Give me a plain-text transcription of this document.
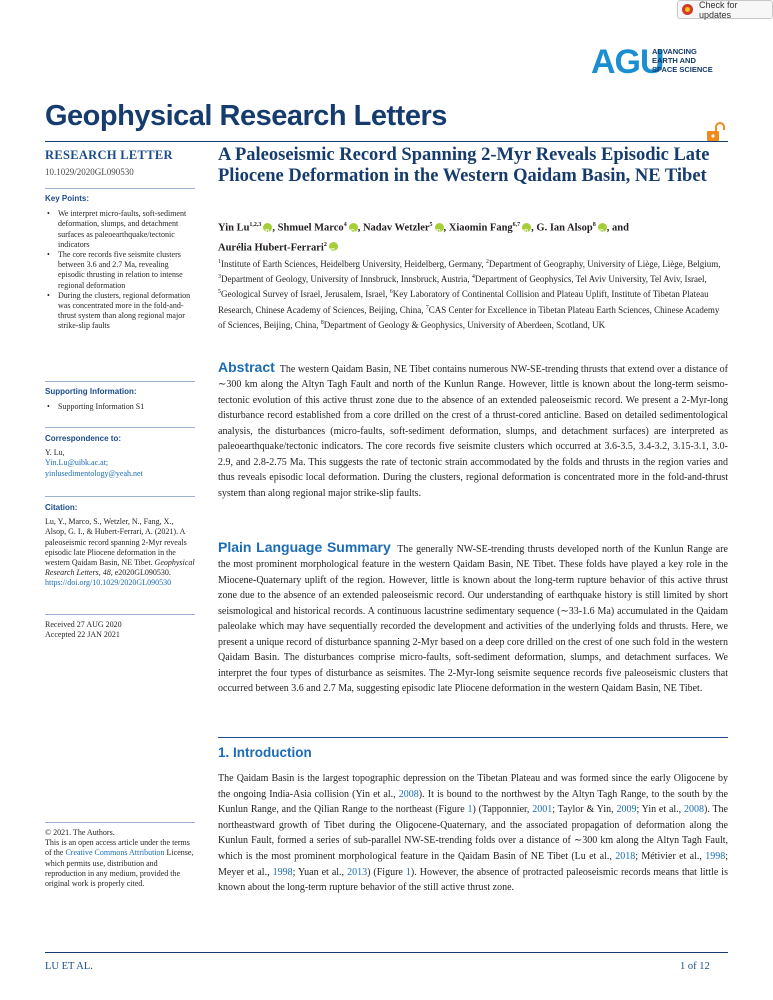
Check for updates
AGU
ADVANCING
EARTH AND
SPACE SCIENCE
Geophysical Research Letters
RESEARCH LETTER
10.1029/2020GL090530
Key Points:
• We interpret micro-faults, soft-sediment deformation, slumps, and detachment surfaces as paleoearthquake/tectonic indicators
• The core records five seismite clusters between 3.6 and 2.7 Ma, revealing episodic thrusting in relation to intense regional deformation
• During the clusters, regional deformation was concentrated more in the fold-and-thrust system than along regional major strike-slip faults
Supporting Information:
• Supporting Information S1
Correspondence to:
Y. Lu,
Yin.Lu@uibk.ac.at;
yinlusedimentology@yeah.net
Citation:
Lu, Y., Marco, S., Wetzler, N., Fang, X., Alsop, G. I., & Hubert-Ferrari, A. (2021). A paleoseismic record spanning 2-Myr reveals episodic late Pliocene deformation in the western Qaidam Basin, NE Tibet. Geophysical Research Letters, 48, e2020GL090530. https://doi.org/10.1029/2020GL090530
Received 27 AUG 2020
Accepted 22 JAN 2021
© 2021. The Authors.
This is an open access article under the terms of the Creative Commons Attribution License, which permits use, distribution and reproduction in any medium, provided the original work is properly cited.
A Paleoseismic Record Spanning 2-Myr Reveals Episodic Late Pliocene Deformation in the Western Qaidam Basin, NE Tibet
Yin Lu$^{1,2,3}$ iD , Shmuel Marco$^4$ iD , Nadav Wetzler$^5$ iD , Xiaomin Fang$^{6,7}$ iD , G. Ian Alsop$^8$ iD , and
Aurélia Hubert-Ferrari$^2$iD
$^1$Institute of Earth Sciences, Heidelberg University, Heidelberg, Germany, $^2$Department of Geography, University of Liège, Liège, Belgium, $^3$Department of Geology, University of Innsbruck, Innsbruck, Austria, $^4$Department of Geophysics, Tel Aviv University, Tel Aviv, Israel, $^5$Geological Survey of Israel, Jerusalem, Israel, $^6$Key Laboratory of Continental Collision and Plateau Uplift, Institute of Tibetan Plateau Research, Chinese Academy of Sciences, Beijing, China, $^7$CAS Center for Excellence in Tibetan Plateau Earth Sciences, Chinese Academy of Sciences, Beijing, China, $^8$Department of Geology & Geophysics, University of Aberdeen, Scotland, UK
Abstract The western Qaidam Basin, NE Tibet contains numerous NW-SE-trending thrusts that extend over a distance of ∼300 km along the Altyn Tagh Fault and north of the Kunlun Range. However, little is known about the long-term seismo-tectonic evolution of this active thrust zone due to the absence of an extended paleoseismic record. We present a 2-Myr-long disturbance record established from a core drilled on the crest of a thrust-cored anticline. Based on detailed sedimentological analysis, the disturbances (micro-faults, soft-sediment deformation, slumps, and detachment surfaces) are interpreted as paleoearthquake/tectonic indicators. The core records five seismite clusters which occurred at 3.6-3.5, 3.4-3.2, 3.15-3.1, 3.0-2.9, and 2.8-2.75 Ma. This suggests the rate of tectonic strain accommodated by the folds and thrusts in the region varies and thus reveals episodic local deformation. During the clusters, regional deformation is concentrated more in the fold-and-thrust system than along regional major strike-slip faults.
Plain Language Summary The generally NW-SE-trending thrusts developed north of the Kunlun Range are the most prominent morphological feature in the western Qaidam Basin, NE Tibet. These folds have played a key role in the Miocene-Quaternary uplift of the region. However, little is known about the long-term rupture behavior of this active thrust zone due to the absence of an extended paleoseismic record. Our understanding of earthquake history is still limited by short seismological and historical records. A continuous lacustrine sedimentary sequence (∼33-1.6 Ma) accumulated in the Qaidam paleolake which may have sequentially recorded the development and activities of the underlying folds and thrusts. Here, we present a unique record of disturbance spanning 2-Myr based on a deep core drilled on the crest of one such fold in the western Qaidam Basin. The disturbances comprise micro-faults, soft-sediment deformation, slumps, and detachment surfaces. We interpret the four types of disturbance as seismites. The 2-Myr-long seismite sequence records five paleoseismic clusters that occurred between 3.6 and 2.7 Ma, suggesting episodic late Pliocene deformation in the western Qaidam Basin, NE Tibet.
1. Introduction
The Qaidam Basin is the largest topographic depression on the Tibetan Plateau and was formed since the early Oligocene by the ongoing India-Asia collision (Yin et al., 2008). It is bound to the northwest by the Altyn Tagh Range, to the south by the Kunlun Range, and the Qilian Range to the northeast (Figure 1) (Tapponnier, 2001; Taylor & Yin, 2009; Yin et al., 2008). The northeastward growth of Tibet during the Oligocene-Quaternary, and the associated propagation of deformation along the Kunlun Fault, formed a series of sub-parallel NW-SE-trending folds over a distance of ∼300 km along the Altyn Tagh Fault, which is the most prominent morphological feature in the Qaidam Basin of NE Tibet (Lu et al., 2018; Métivier et al., 1998; Meyer et al., 1998; Yuan et al., 2013) (Figure 1). However, the absence of protracted paleoseismic records means that little is known about the long-term rupture behavior of the still active thrust zone.
LU ET AL.	1 of 12
